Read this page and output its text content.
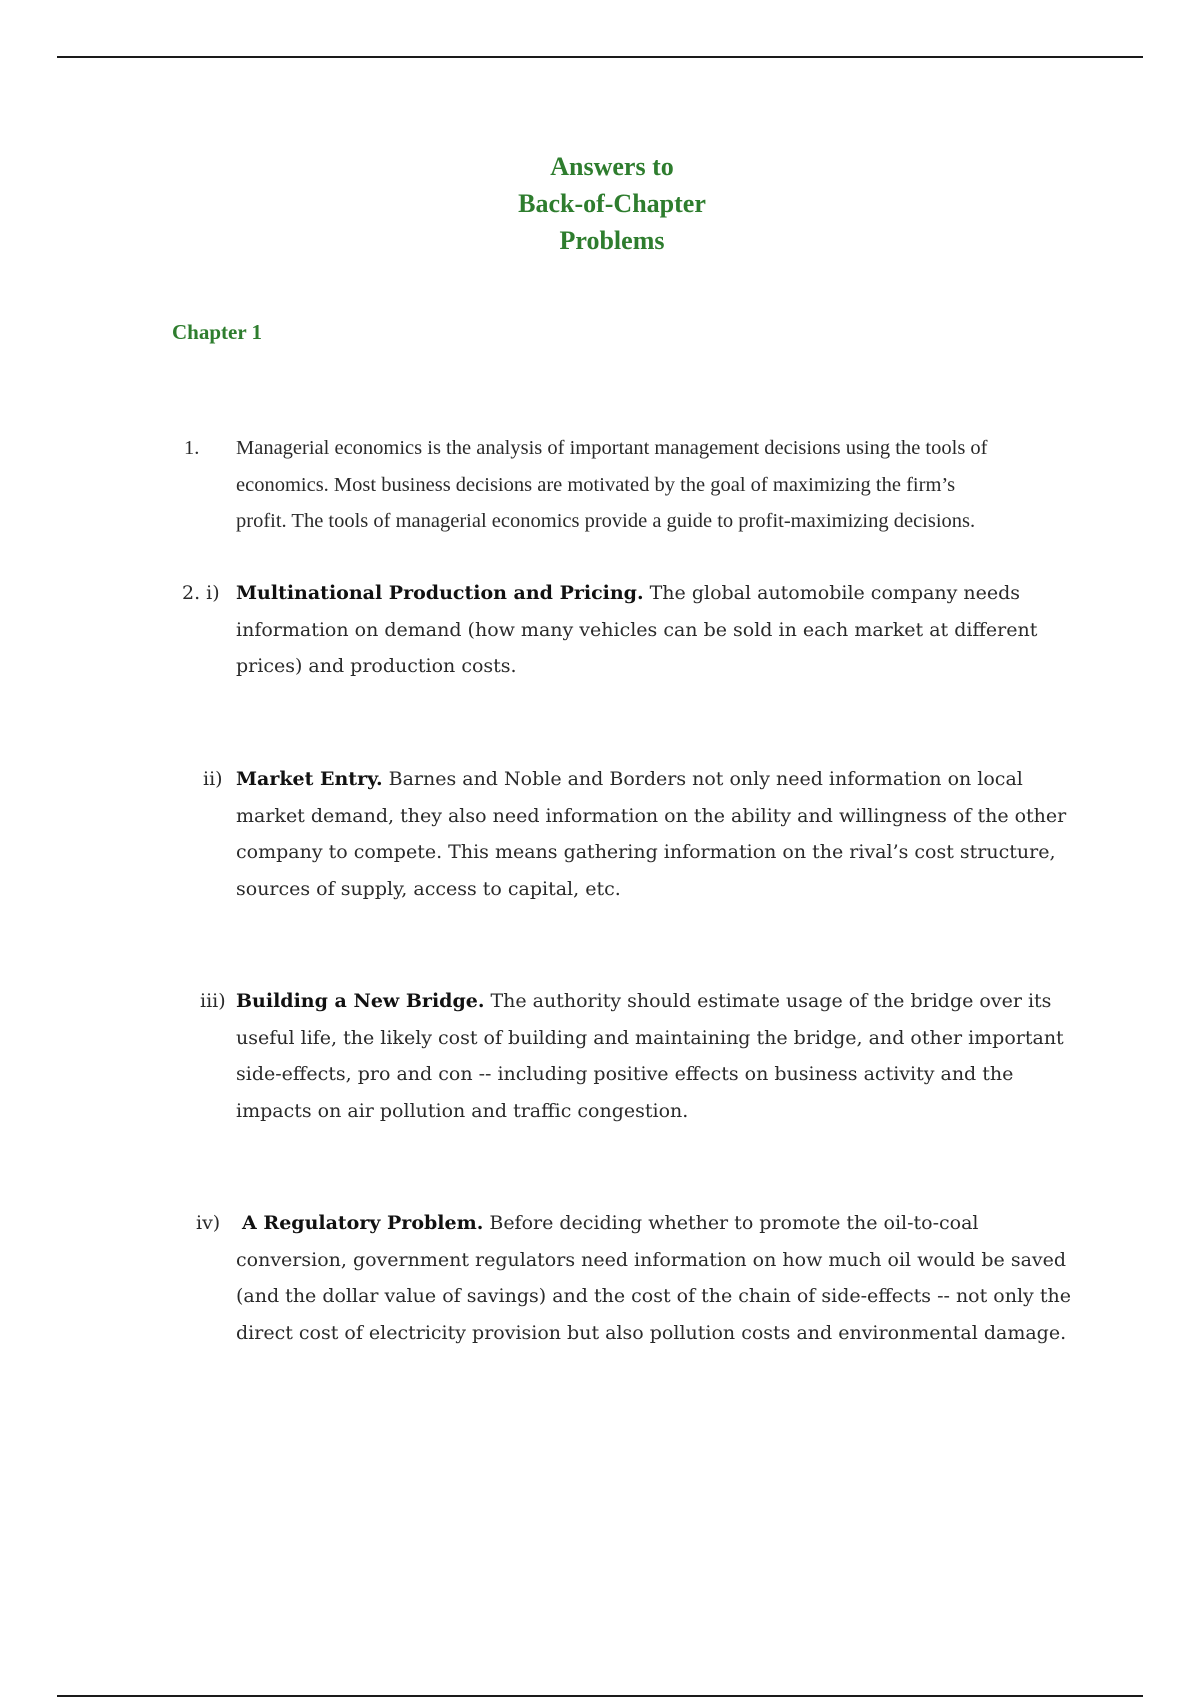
Answers to
Back-of-Chapter
Problems
Chapter 1
1. Managerial economics is the analysis of important management decisions using the tools of
economics. Most business decisions are motivated by the goal of maximizing the firm’s
profit. The tools of managerial economics provide a guide to profit-maximizing decisions.
2. i) Multinational Production and Pricing. The global automobile company needs
information on demand (how many vehicles can be sold in each market at different
prices) and production costs.
ii) Market Entry. Barnes and Noble and Borders not only need information on local
market demand, they also need information on the ability and willingness of the other
company to compete. This means gathering information on the rival’s cost structure,
sources of supply, access to capital, etc.
iii) Building a New Bridge. The authority should estimate usage of the bridge over its
useful life, the likely cost of building and maintaining the bridge, and other important
side-effects, pro and con -- including positive effects on business activity and the
impacts on air pollution and traffic congestion.
iv)	A Regulatory Problem. Before deciding whether to promote the oil-to-coal
conversion, government regulators need information on how much oil would be saved
(and the dollar value of savings) and the cost of the chain of side-effects -- not only the
direct cost of electricity provision but also pollution costs and environmental damage.
